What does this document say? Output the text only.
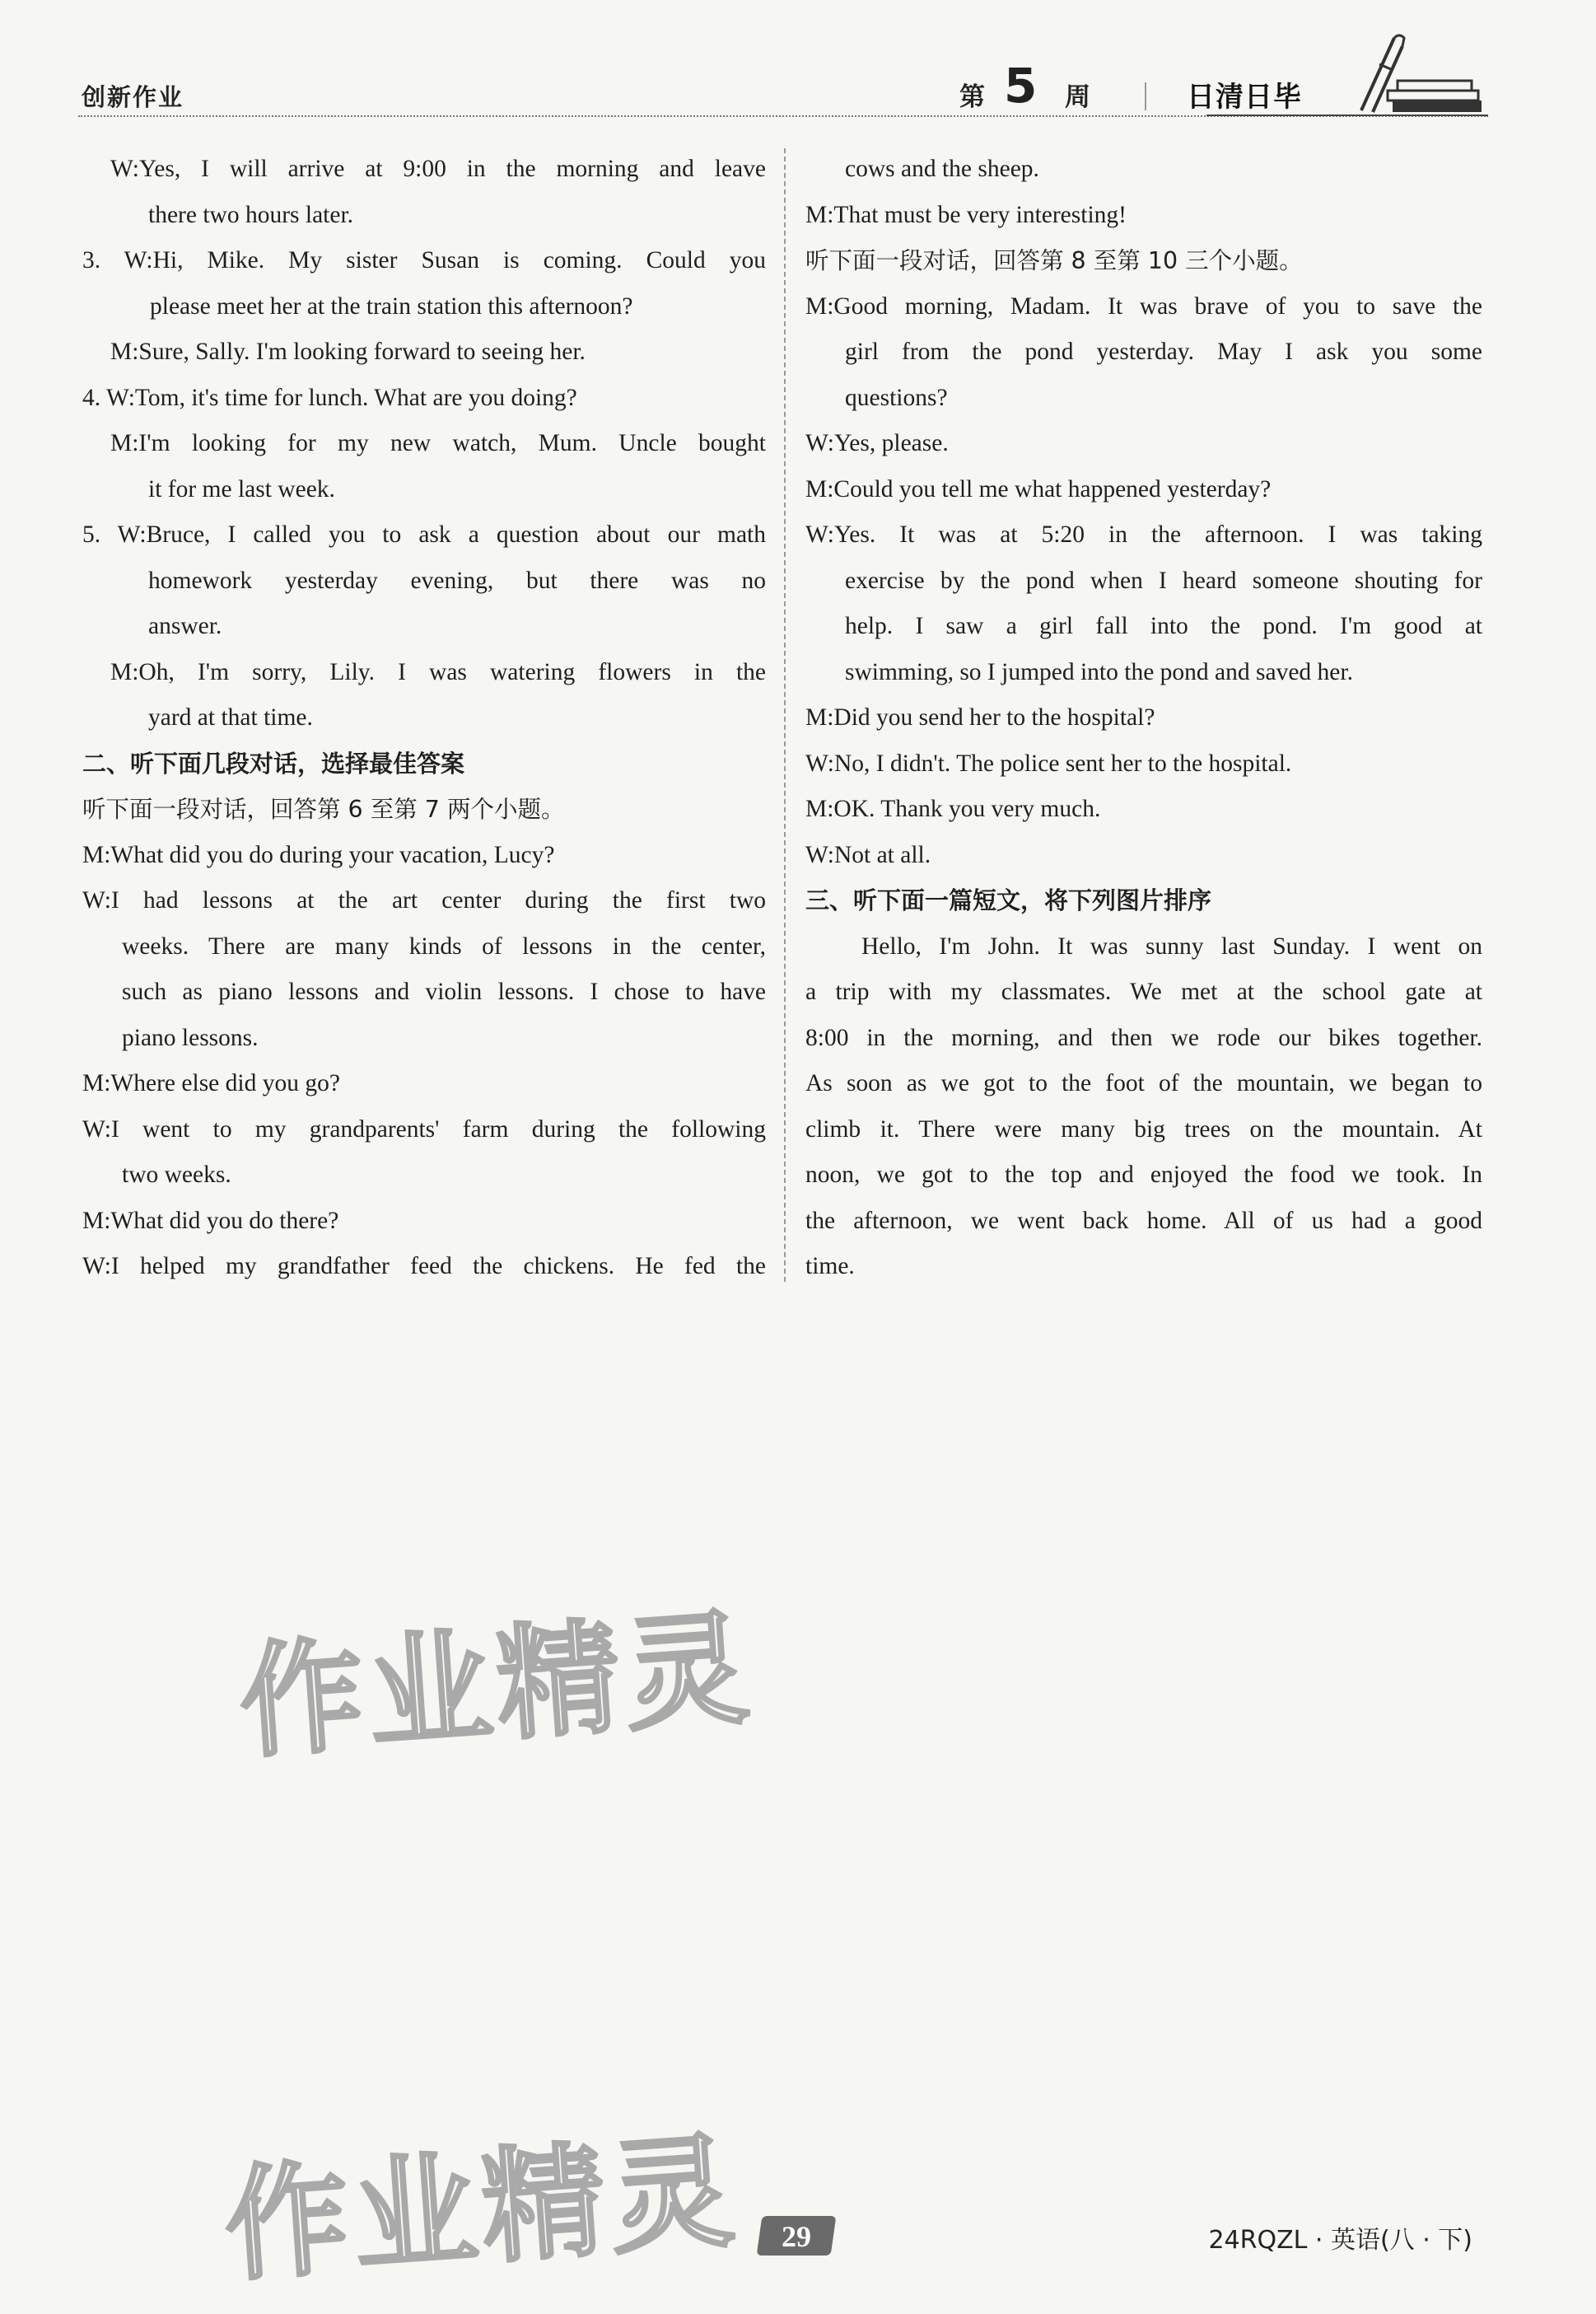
创新作业	第 5 周	日清日毕
W:Yes, I will arrive at 9:00 in the morning and leave
there two hours later.
3. W:Hi, Mike. My sister Susan is coming. Could you
please meet her at the train station this afternoon?
M:Sure, Sally. I'm looking forward to seeing her.
4. W:Tom, it's time for lunch. What are you doing?
M:I'm looking for my new watch, Mum. Uncle bought
it for me last week.
5. W:Bruce, I called you to ask a question about our math
homework yesterday evening, but there was no
answer.
M:Oh, I'm sorry, Lily. I was watering flowers in the
yard at that time.
二、听下面几段对话，选择最佳答案
听下面一段对话，回答第 6 至第 7 两个小题。
M:What did you do during your vacation, Lucy?
W:I had lessons at the art center during the first two
weeks. There are many kinds of lessons in the center,
such as piano lessons and violin lessons. I chose to have
piano lessons.
M:Where else did you go?
W:I went to my grandparents' farm during the following
two weeks.
M:What did you do there?
W:I helped my grandfather feed the chickens. He fed the
cows and the sheep.
M:That must be very interesting!
听下面一段对话，回答第 8 至第 10 三个小题。
M:Good morning, Madam. It was brave of you to save the
girl from the pond yesterday. May I ask you some
questions?
W:Yes, please.
M:Could you tell me what happened yesterday?
W:Yes. It was at 5:20 in the afternoon. I was taking
exercise by the pond when I heard someone shouting for
help. I saw a girl fall into the pond. I'm good at
swimming, so I jumped into the pond and saved her.
M:Did you send her to the hospital?
W:No, I didn't. The police sent her to the hospital.
M:OK. Thank you very much.
W:Not at all.
三、听下面一篇短文，将下列图片排序
Hello, I'm John. It was sunny last Sunday. I went on
a trip with my classmates. We met at the school gate at
8:00 in the morning, and then we rode our bikes together.
As soon as we got to the foot of the mountain, we began to
climb it. There were many big trees on the mountain. At
noon, we got to the top and enjoyed the food we took. In
the afternoon, we went back home. All of us had a good
time.
作业精灵
作业精灵	29	24RQZL · 英语(八 · 下)
